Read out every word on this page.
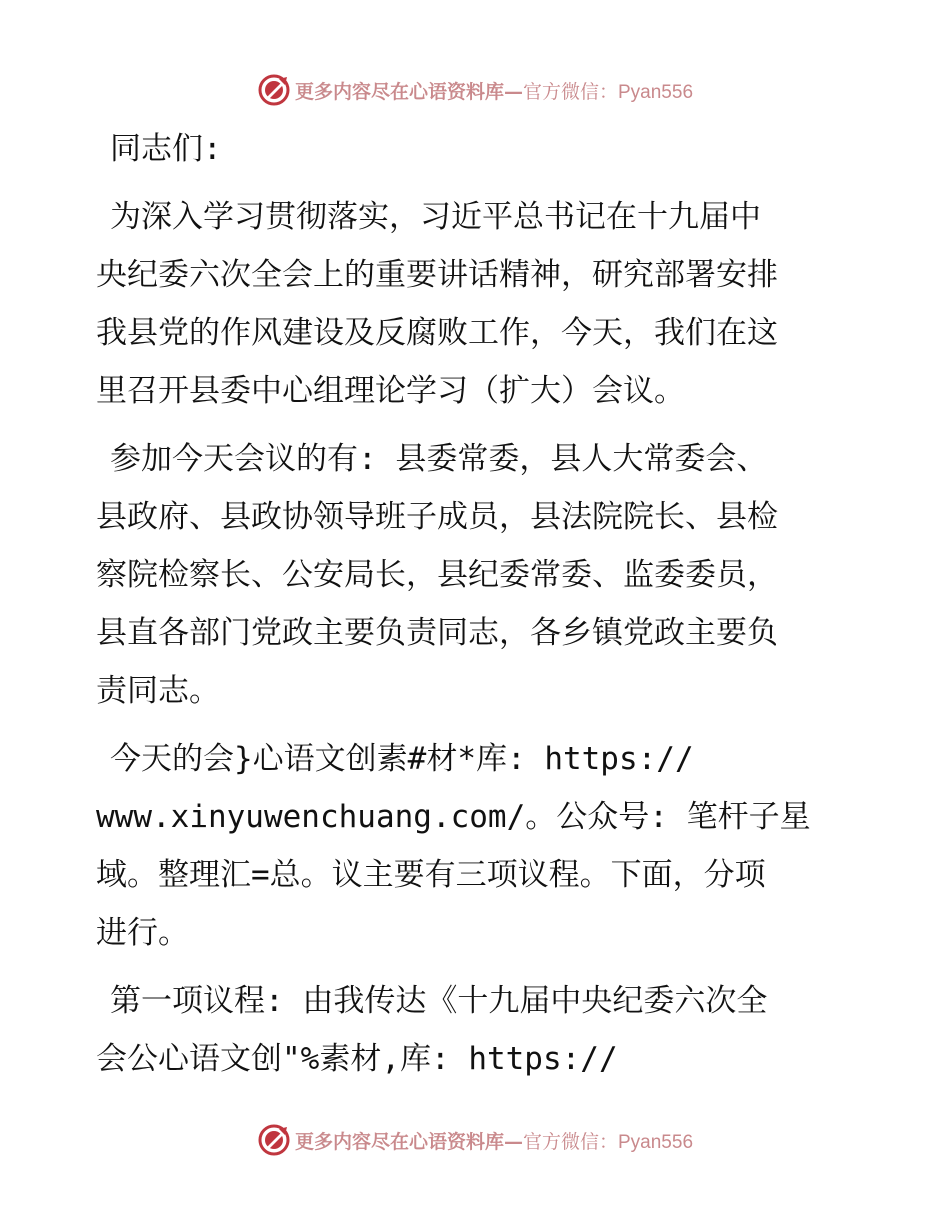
更多内容尽在心语资料库— 官方微信：Pyan556
同志们:
为深入学习贯彻落实，习近平总书记在十九届中
央纪委六次全会上的重要讲话精神，研究部署安排
我县党的作风建设及反腐败工作，今天，我们在这
里召开县委中心组理论学习（扩大）会议。
参加今天会议的有: 县委常委，县人大常委会、
县政府、县政协领导班子成员，县法院院长、县检
察院检察长、公安局长，县纪委常委、监委委员，
县直各部门党政主要负责同志，各乡镇党政主要负
责同志。
今天的会}心语文创素#材*库: https://
www.xinyuwenchuang.com/。公众号: 笔杆子星
域。整理汇=总。议主要有三项议程。下面，分项
进行。
第一项议程: 由我传达《十九届中央纪委六次全
会公心语文创"%素材,库: https://
更多内容尽在心语资料库— 官方微信：Pyan556
